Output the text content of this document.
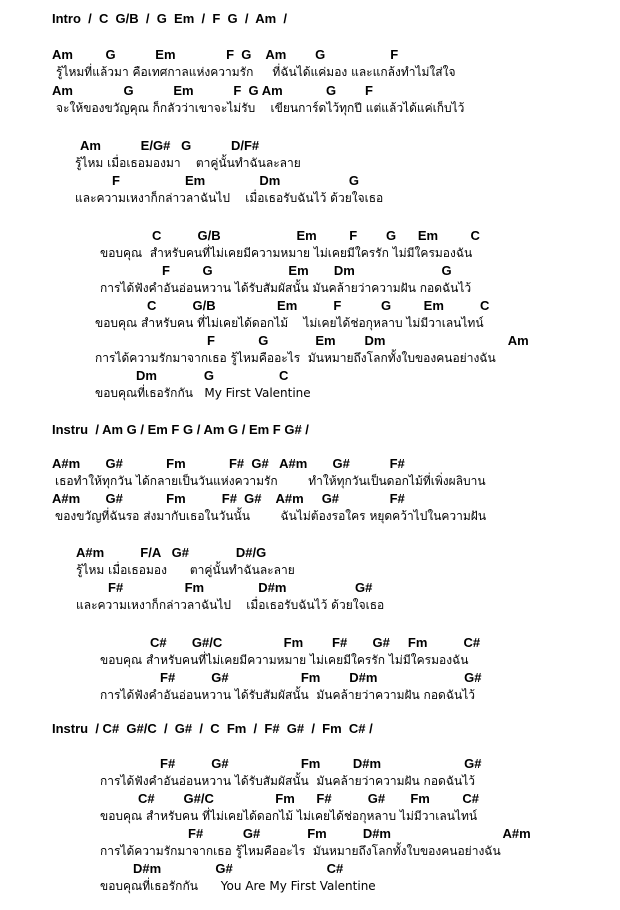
Intro  /  C  G/B  /  G  Em  /  F  G  /  Am  /
Am         G           Em              F  G    Am        G                  F
รู้ไหมที่แล้วมา คือเทศกาลแห่งความรัก     ที่ฉันได้แค่มอง และแกล้งทำไม่ใส่ใจ
Am              G           Em           F  G Am            G        F
จะให้ของขวัญคุณ ก็กลัวว่าเขาจะไม่รับ    เขียนการ์ดไว้ทุกปี แต่แล้วได้แค่เก็บไว้
Am           E/G#   G           D/F#
รู้ไหม เมื่อเธอมองมา    ตาคู่นั้นทำฉันละลาย
F                  Em               Dm                   G
และความเหงาก็กล่าวลาฉันไป    เมื่อเธอรับฉันไว้ ด้วยใจเธอ
C          G/B                     Em         F        G      Em         C
ขอบคุณ  สำหรับคนที่ไม่เคยมีความหมาย ไม่เคยมีใครรัก ไม่มีใครมองฉัน
F         G                     Em       Dm                        G
การได้ฟังคำอันอ่อนหวาน ได้รับสัมผัสนั้น มันคล้ายว่าความฝัน กอดฉันไว้
C          G/B                 Em          F           G         Em          C
ขอบคุณ สำหรับคน ที่ไม่เคยได้ดอกไม้    ไม่เคยได้ช่อกุหลาบ ไม่มีวาเลนไทน์
F            G             Em        Dm                                  Am
การได้ความรักมาจากเธอ รู้ไหมคืออะไร  มันหมายถึงโลกทั้งใบของคนอย่างฉัน
Dm             G                  C
ขอบคุณที่เธอรักกัน   My First Valentine
Instru  / Am G / Em F G / Am G / Em F G# /
A#m       G#            Fm            F#  G#   A#m       G#           F#
เธอทำให้ทุกวัน ได้กลายเป็นวันแห่งความรัก        ทำให้ทุกวันเป็นดอกไม้ที่เพิ่งผลิบาน
A#m       G#            Fm          F#  G#    A#m     G#              F#
ของขวัญที่ฉันรอ ส่งมากับเธอในวันนั้น        ฉันไม่ต้องรอใคร หยุดคว้าไปในความฝัน
A#m          F/A   G#             D#/G
รู้ไหม เมื่อเธอมอง      ตาคู่นั้นทำฉันละลาย
F#                 Fm               D#m                   G#
และความเหงาก็กล่าวลาฉันไป    เมื่อเธอรับฉันไว้ ด้วยใจเธอ
C#       G#/C                 Fm        F#       G#     Fm          C#
ขอบคุณ สำหรับคนที่ไม่เคยมีความหมาย ไม่เคยมีใครรัก ไม่มีใครมองฉัน
F#          G#                    Fm        D#m                        G#
การได้ฟังคำอันอ่อนหวาน ได้รับสัมผัสนั้น  มันคล้ายว่าความฝัน กอดฉันไว้
Instru  / C#  G#/C  /  G#  /  C  Fm  /  F#  G#  /  Fm  C# /
F#          G#                    Fm         D#m                       G#
การได้ฟังคำอันอ่อนหวาน ได้รับสัมผัสนั้น  มันคล้ายว่าความฝัน กอดฉันไว้
C#        G#/C                 Fm      F#          G#       Fm         C#
ขอบคุณ สำหรับคน ที่ไม่เคยได้ดอกไม้ ไม่เคยได้ช่อกุหลาบ ไม่มีวาเลนไทน์
F#           G#             Fm          D#m                               A#m
การได้ความรักมาจากเธอ รู้ไหมคืออะไร  มันหมายถึงโลกทั้งใบของคนอย่างฉัน
D#m               G#                          C#
ขอบคุณที่เธอรักกัน      You Are My First Valentine
